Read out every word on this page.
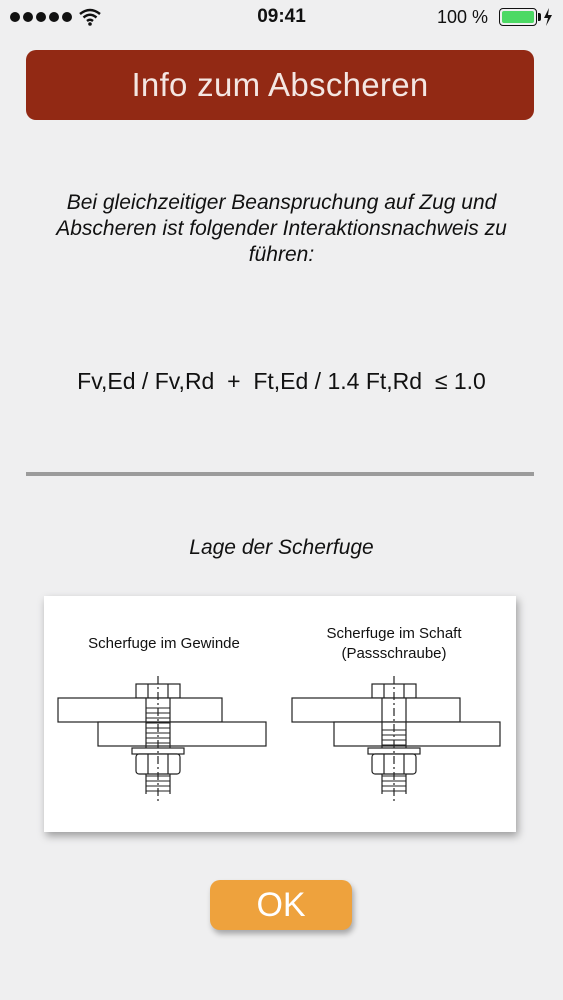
09:41	100 %
Info zum Abscheren
Bei gleichzeitiger Beanspruchung auf Zug und Abscheren ist folgender Interaktionsnachweis zu führen:
Fv,Ed / Fv,Rd  +  Ft,Ed / 1.4 Ft,Rd  ≤ 1.0
Lage der Scherfuge
Scherfuge im Gewinde
Scherfuge im Schaft
(Passschraube)
OK
